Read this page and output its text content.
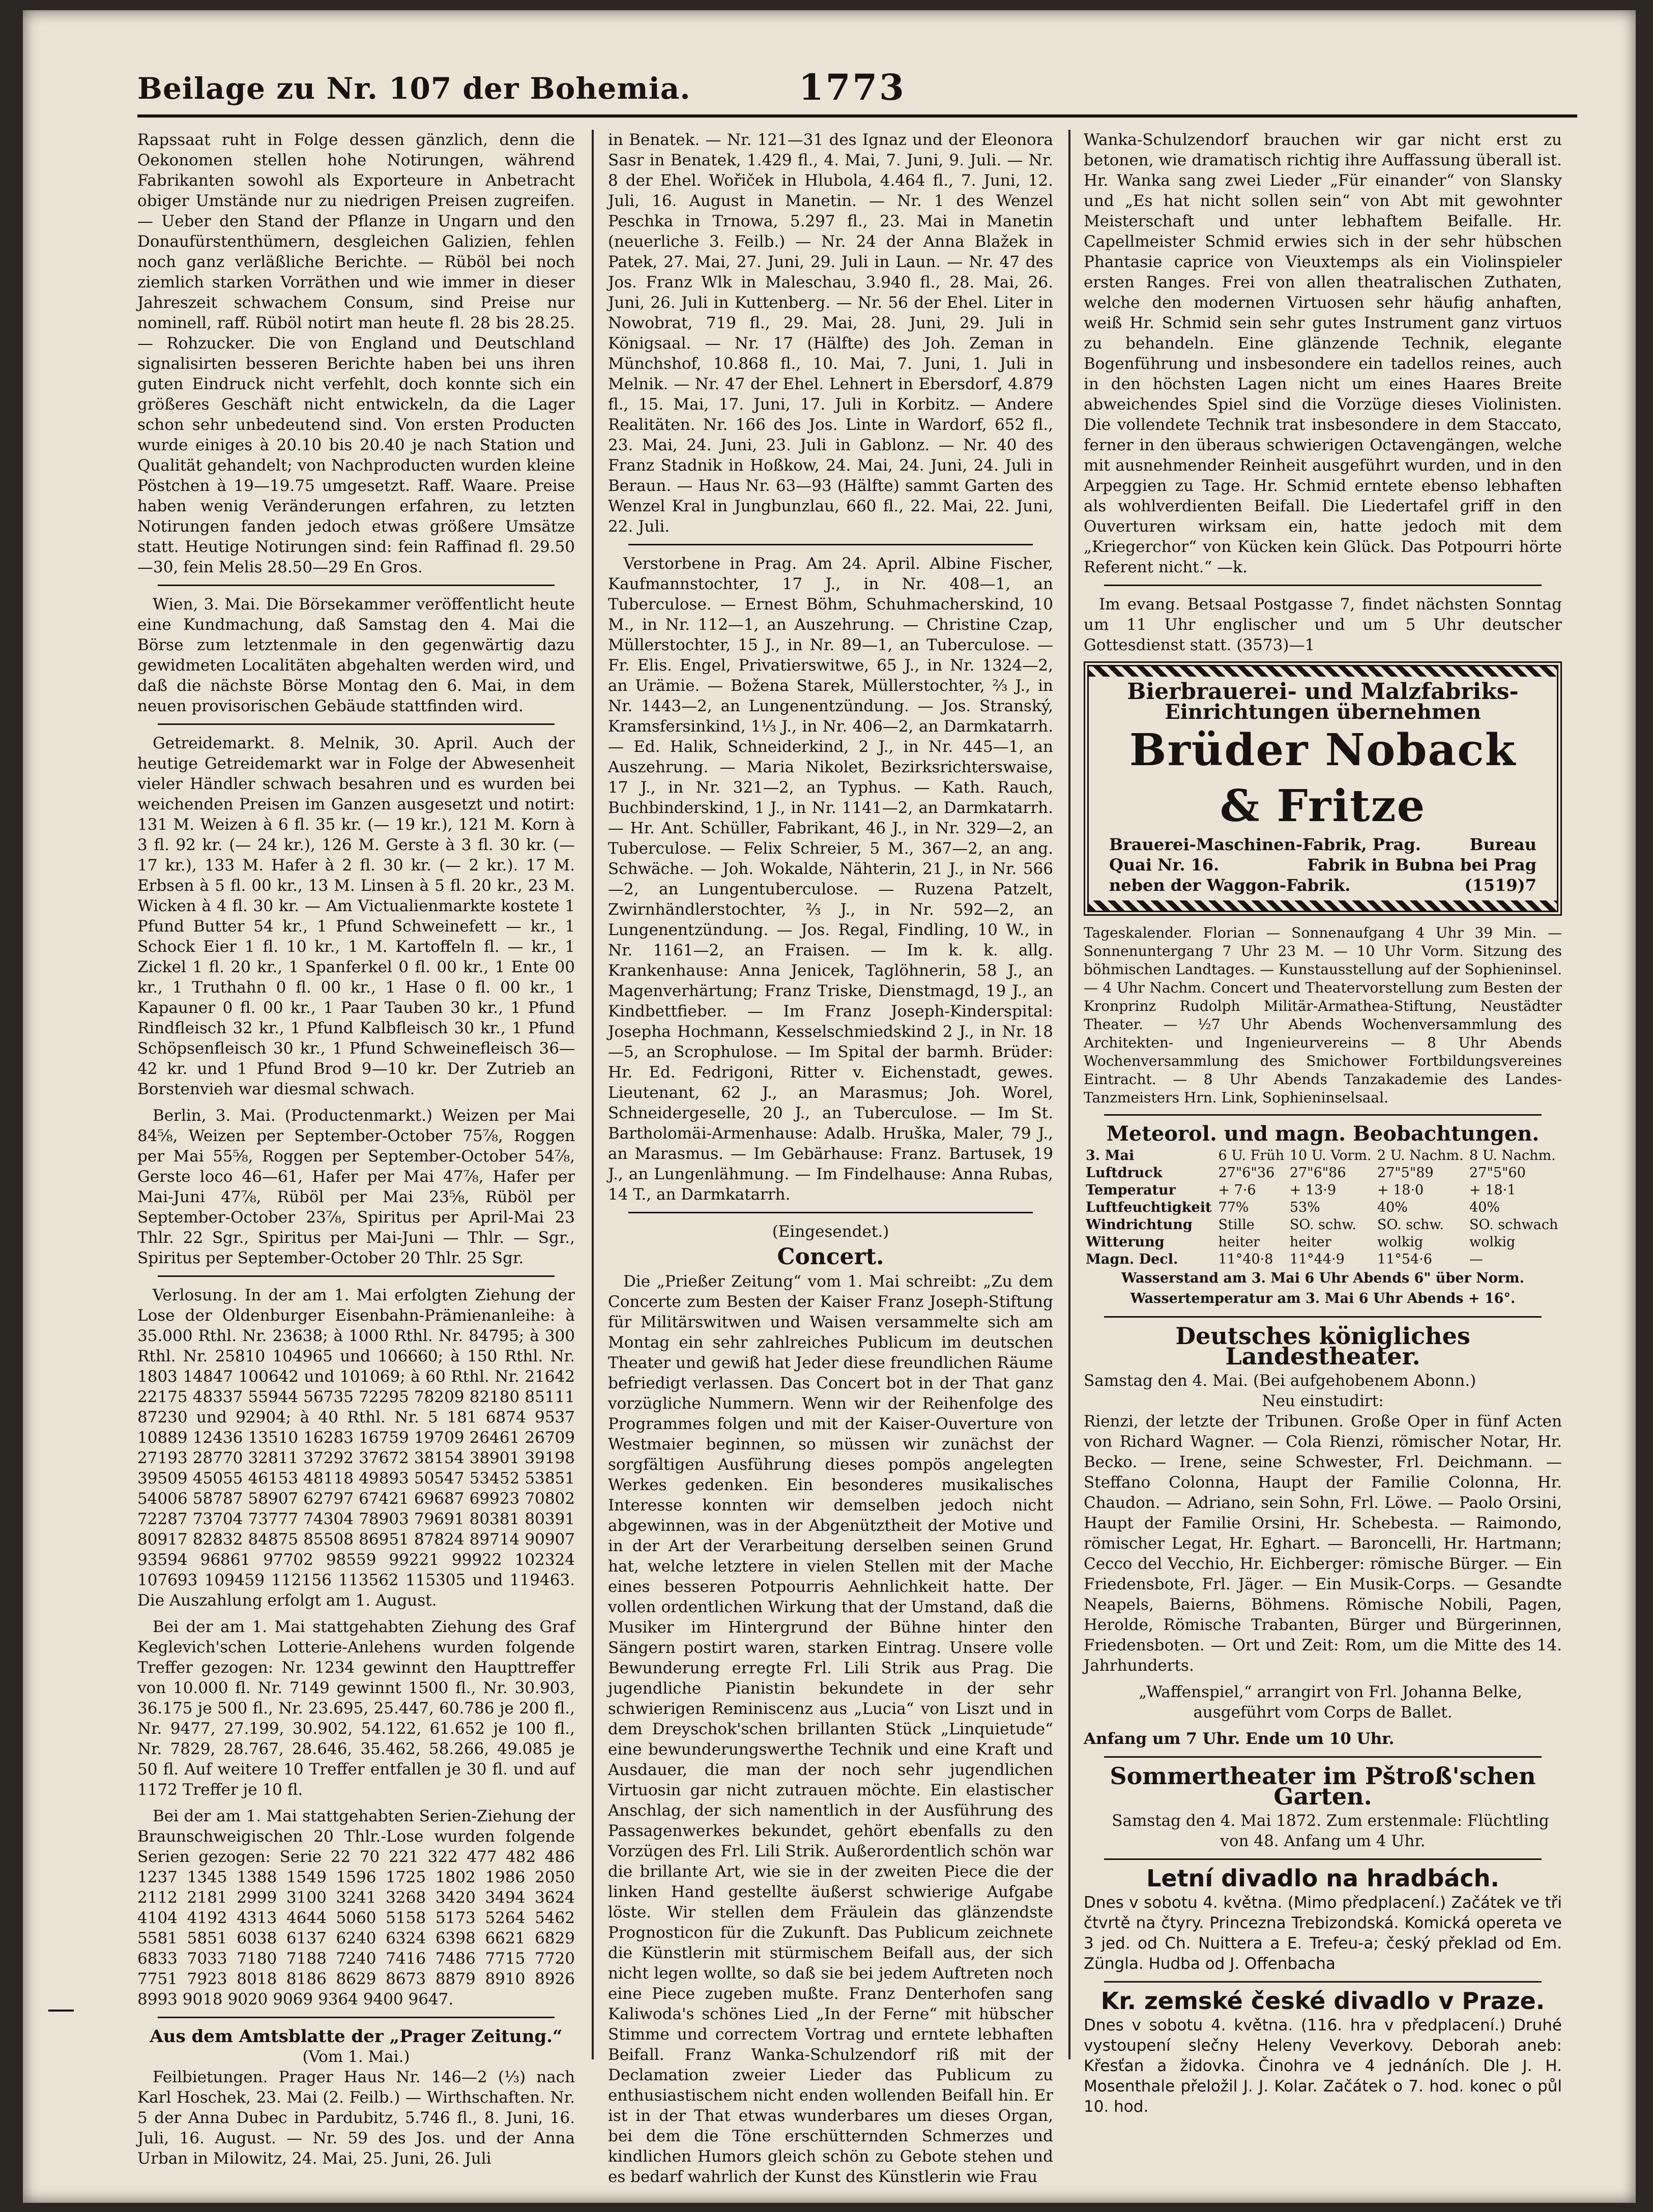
Beilage zu Nr. 107 der Bohemia.	1773

Rapssaat ruht in Folge dessen gänzlich, denn die Oekonomen stellen hohe Notirungen, während Fabrikanten sowohl als Exporteure in Anbetracht obiger Umstände nur zu niedrigen Preisen zugreifen. — Ueber den Stand der Pflanze in Ungarn und den Donaufürstenthümern, desgleichen Galizien, fehlen noch ganz verläßliche Berichte. — Rüböl bei noch ziemlich starken Vorräthen und wie immer in dieser Jahreszeit schwachem Consum, sind Preise nur nominell, raff. Rüböl notirt man heute fl. 28 bis 28.25. — Rohzucker. Die von England und Deutschland signalisirten besseren Berichte haben bei uns ihren guten Eindruck nicht verfehlt, doch konnte sich ein größeres Geschäft nicht entwickeln, da die Lager schon sehr unbedeutend sind. Von ersten Producten wurde einiges à 20.10 bis 20.40 je nach Station und Qualität gehandelt; von Nachproducten wurden kleine Pöstchen à 19—19.75 umgesetzt. Raff. Waare. Preise haben wenig Veränderungen erfahren, zu letzten Notirungen fanden jedoch etwas größere Umsätze statt. Heutige Notirungen sind: fein Raffinad fl. 29.50—30, fein Melis 28.50—29 En Gros.

Wien, 3. Mai. Die Börsekammer veröffentlicht heute eine Kundmachung, daß Samstag den 4. Mai die Börse zum letztenmale in den gegenwärtig dazu gewidmeten Localitäten abgehalten werden wird, und daß die nächste Börse Montag den 6. Mai, in dem neuen provisorischen Gebäude stattfinden wird.

Getreidemarkt. 8. Melnik, 30. April. Auch der heutige Getreidemarkt war in Folge der Abwesenheit vieler Händler schwach besahren und es wurden bei weichenden Preisen im Ganzen ausgesetzt und notirt: 131 M. Weizen à 6 fl. 35 kr. (— 19 kr.), 121 M. Korn à 3 fl. 92 kr. (— 24 kr.), 126 M. Gerste à 3 fl. 30 kr. (— 17 kr.), 133 M. Hafer à 2 fl. 30 kr. (— 2 kr.). 17 M. Erbsen à 5 fl. 00 kr., 13 M. Linsen à 5 fl. 20 kr., 23 M. Wicken à 4 fl. 30 kr. — Am Victualienmarkte kostete 1 Pfund Butter 54 kr., 1 Pfund Schweinefett — kr., 1 Schock Eier 1 fl. 10 kr., 1 M. Kartoffeln fl. — kr., 1 Zickel 1 fl. 20 kr., 1 Spanferkel 0 fl. 00 kr., 1 Ente 00 kr., 1 Truthahn 0 fl. 00 kr., 1 Hase 0 fl. 00 kr., 1 Kapauner 0 fl. 00 kr., 1 Paar Tauben 30 kr., 1 Pfund Rindfleisch 32 kr., 1 Pfund Kalbfleisch 30 kr., 1 Pfund Schöpsenfleisch 30 kr., 1 Pfund Schweinefleisch 36—42 kr. und 1 Pfund Brod 9—10 kr. Der Zutrieb an Borstenvieh war diesmal schwach.

Berlin, 3. Mai. (Productenmarkt.) Weizen per Mai 84⅝, Weizen per September-October 75⅞, Roggen per Mai 55⅝, Roggen per September-October 54⅞, Gerste loco 46—61, Hafer per Mai 47⅞, Hafer per Mai-Juni 47⅞, Rüböl per Mai 23⅝, Rüböl per September-October 23⅞, Spiritus per April-Mai 23 Thlr. 22 Sgr., Spiritus per Mai-Juni — Thlr. — Sgr., Spiritus per September-October 20 Thlr. 25 Sgr.

Verlosung. In der am 1. Mai erfolgten Ziehung der Lose der Oldenburger Eisenbahn-Prämienanleihe: à 35.000 Rthl. Nr. 23638; à 1000 Rthl. Nr. 84795; à 300 Rthl. Nr. 25810 104965 und 106660; à 150 Rthl. Nr. 1803 14847 100642 und 101069; à 60 Rthl. Nr. 21642 22175 48337 55944 56735 72295 78209 82180 85111 87230 und 92904; à 40 Rthl. Nr. 5 181 6874 9537 10889 12436 13510 16283 16759 19709 26461 26709 27193 28770 32811 37292 37672 38154 38901 39198 39509 45055 46153 48118 49893 50547 53452 53851 54006 58787 58907 62797 67421 69687 69923 70802 72287 73704 73777 74304 78903 79691 80381 80391 80917 82832 84875 85508 86951 87824 89714 90907 93594 96861 97702 98559 99221 99922 102324 107693 109459 112156 113562 115305 und 119463. Die Auszahlung erfolgt am 1. August.

Bei der am 1. Mai stattgehabten Ziehung des Graf Keglevich'schen Lotterie-Anlehens wurden folgende Treffer gezogen: Nr. 1234 gewinnt den Haupttreffer von 10.000 fl. Nr. 7149 gewinnt 1500 fl., Nr. 30.903, 36.175 je 500 fl., Nr. 23.695, 25.447, 60.786 je 200 fl., Nr. 9477, 27.199, 30.902, 54.122, 61.652 je 100 fl., Nr. 7829, 28.767, 28.646, 35.462, 58.266, 49.085 je 50 fl. Auf weitere 10 Treffer entfallen je 30 fl. und auf 1172 Treffer je 10 fl.

Bei der am 1. Mai stattgehabten Serien-Ziehung der Braunschweigischen 20 Thlr.-Lose wurden folgende Serien gezogen: Serie 22 70 221 322 477 482 486 1237 1345 1388 1549 1596 1725 1802 1986 2050 2112 2181 2999 3100 3241 3268 3420 3494 3624 4104 4192 4313 4644 5060 5158 5173 5264 5462 5581 5851 6038 6137 6240 6324 6398 6621 6829 6833 7033 7180 7188 7240 7416 7486 7715 7720 7751 7923 8018 8186 8629 8673 8879 8910 8926 8993 9018 9020 9069 9364 9400 9647.

Aus dem Amtsblatte der „Prager Zeitung.“
(Vom 1. Mai.)

Feilbietungen. Prager Haus Nr. 146—2 (⅓) nach Karl Hoschek, 23. Mai (2. Feilb.) — Wirthschaften. Nr. 5 der Anna Dubec in Pardubitz, 5.746 fl., 8. Juni, 16. Juli, 16. August. — Nr. 59 des Jos. und der Anna Urban in Milowitz, 24. Mai, 25. Juni, 26. Juli

in Benatek. — Nr. 121—31 des Ignaz und der Eleonora Sasr in Benatek, 1.429 fl., 4. Mai, 7. Juni, 9. Juli. — Nr. 8 der Ehel. Wořiček in Hlubola, 4.464 fl., 7. Juni, 12. Juli, 16. August in Manetin. — Nr. 1 des Wenzel Peschka in Trnowa, 5.297 fl., 23. Mai in Manetin (neuerliche 3. Feilb.) — Nr. 24 der Anna Blažek in Patek, 27. Mai, 27. Juni, 29. Juli in Laun. — Nr. 47 des Jos. Franz Wlk in Maleschau, 3.940 fl., 28. Mai, 26. Juni, 26. Juli in Kuttenberg. — Nr. 56 der Ehel. Liter in Nowobrat, 719 fl., 29. Mai, 28. Juni, 29. Juli in Königsaal. — Nr. 17 (Hälfte) des Joh. Zeman in Münchshof, 10.868 fl., 10. Mai, 7. Juni, 1. Juli in Melnik. — Nr. 47 der Ehel. Lehnert in Ebersdorf, 4.879 fl., 15. Mai, 17. Juni, 17. Juli in Korbitz. — Andere Realitäten. Nr. 166 des Jos. Linte in Wardorf, 652 fl., 23. Mai, 24. Juni, 23. Juli in Gablonz. — Nr. 40 des Franz Stadnik in Hoßkow, 24. Mai, 24. Juni, 24. Juli in Beraun. — Haus Nr. 63—93 (Hälfte) sammt Garten des Wenzel Kral in Jungbunzlau, 660 fl., 22. Mai, 22. Juni, 22. Juli.

Verstorbene in Prag. Am 24. April. Albine Fischer, Kaufmannstochter, 17 J., in Nr. 408—1, an Tuberculose. — Ernest Böhm, Schuhmacherskind, 10 M., in Nr. 112—1, an Auszehrung. — Christine Czap, Müllerstochter, 15 J., in Nr. 89—1, an Tuberculose. — Fr. Elis. Engel, Privatierswitwe, 65 J., in Nr. 1324—2, an Urämie. — Božena Starek, Müllerstochter, ⅔ J., in Nr. 1443—2, an Lungenentzündung. — Jos. Stranský, Kramsfersinkind, 1⅓ J., in Nr. 406—2, an Darmkatarrh. — Ed. Halik, Schneiderkind, 2 J., in Nr. 445—1, an Auszehrung. — Maria Nikolet, Bezirksrichterswaise, 17 J., in Nr. 321—2, an Typhus. — Kath. Rauch, Buchbinderskind, 1 J., in Nr. 1141—2, an Darmkatarrh. — Hr. Ant. Schüller, Fabrikant, 46 J., in Nr. 329—2, an Tuberculose. — Felix Schreier, 5 M., 367—2, an ang. Schwäche. — Joh. Wokalde, Nähterin, 21 J., in Nr. 566—2, an Lungentuberculose. — Ruzena Patzelt, Zwirnhändlerstochter, ⅔ J., in Nr. 592—2, an Lungenentzündung. — Jos. Regal, Findling, 10 W., in Nr. 1161—2, an Fraisen. — Im k. k. allg. Krankenhause: Anna Jenicek, Taglöhnerin, 58 J., an Magenverhärtung; Franz Triske, Dienstmagd, 19 J., an Kindbettfieber. — Im Franz Joseph-Kinderspital: Josepha Hochmann, Kesselschmiedskind 2 J., in Nr. 18—5, an Scrophulose. — Im Spital der barmh. Brüder: Hr. Ed. Fedrigoni, Ritter v. Eichenstadt, gewes. Lieutenant, 62 J., an Marasmus; Joh. Worel, Schneidergeselle, 20 J., an Tuberculose. — Im St. Bartholomäi-Armenhause: Adalb. Hruška, Maler, 79 J., an Marasmus. — Im Gebärhause: Franz. Bartusek, 19 J., an Lungenlähmung. — Im Findelhause: Anna Rubas, 14 T., an Darmkatarrh.

(Eingesendet.)
Concert.

Die „Prießer Zeitung“ vom 1. Mai schreibt: „Zu dem Concerte zum Besten der Kaiser Franz Joseph-Stiftung für Militärswitwen und Waisen versammelte sich am Montag ein sehr zahlreiches Publicum im deutschen Theater und gewiß hat Jeder diese freundlichen Räume befriedigt verlassen. Das Concert bot in der That ganz vorzügliche Nummern. Wenn wir der Reihenfolge des Programmes folgen und mit der Kaiser-Ouverture von Westmaier beginnen, so müssen wir zunächst der sorgfältigen Ausführung dieses pompös angelegten Werkes gedenken. Ein besonderes musikalisches Interesse konnten wir demselben jedoch nicht abgewinnen, was in der Abgenütztheit der Motive und in der Art der Verarbeitung derselben seinen Grund hat, welche letztere in vielen Stellen mit der Mache eines besseren Potpourris Aehnlichkeit hatte. Der vollen ordentlichen Wirkung that der Umstand, daß die Musiker im Hintergrund der Bühne hinter den Sängern postirt waren, starken Eintrag. Unsere volle Bewunderung erregte Frl. Lili Strik aus Prag. Die jugendliche Pianistin bekundete in der sehr schwierigen Reminiscenz aus „Lucia“ von Liszt und in dem Dreyschok'schen brillanten Stück „Linquietude“ eine bewunderungswerthe Technik und eine Kraft und Ausdauer, die man der noch sehr jugendlichen Virtuosin gar nicht zutrauen möchte. Ein elastischer Anschlag, der sich namentlich in der Ausführung des Passagenwerkes bekundet, gehört ebenfalls zu den Vorzügen des Frl. Lili Strik. Außerordentlich schön war die brillante Art, wie sie in der zweiten Piece die der linken Hand gestellte äußerst schwierige Aufgabe löste. Wir stellen dem Fräulein das glänzendste Prognosticon für die Zukunft. Das Publicum zeichnete die Künstlerin mit stürmischem Beifall aus, der sich nicht legen wollte, so daß sie bei jedem Auftreten noch eine Piece zugeben mußte. Franz Denterhofen sang Kaliwoda's schönes Lied „In der Ferne“ mit hübscher Stimme und correctem Vortrag und erntete lebhaften Beifall. Franz Wanka-Schulzendorf riß mit der Declamation zweier Lieder das Publicum zu enthusiastischem nicht enden wollenden Beifall hin. Er ist in der That etwas wunderbares um dieses Organ, bei dem die Töne erschütternden Schmerzes und kindlichen Humors gleich schön zu Gebote stehen und es bedarf wahrlich der Kunst des Künstlerin wie Frau

Wanka-Schulzendorf brauchen wir gar nicht erst zu betonen, wie dramatisch richtig ihre Auffassung überall ist. Hr. Wanka sang zwei Lieder „Für einander“ von Slansky und „Es hat nicht sollen sein“ von Abt mit gewohnter Meisterschaft und unter lebhaftem Beifalle. Hr. Capellmeister Schmid erwies sich in der sehr hübschen Phantasie caprice von Vieuxtemps als ein Violinspieler ersten Ranges. Frei von allen theatralischen Zuthaten, welche den modernen Virtuosen sehr häufig anhaften, weiß Hr. Schmid sein sehr gutes Instrument ganz virtuos zu behandeln. Eine glänzende Technik, elegante Bogenführung und insbesondere ein tadellos reines, auch in den höchsten Lagen nicht um eines Haares Breite abweichendes Spiel sind die Vorzüge dieses Violinisten. Die vollendete Technik trat insbesondere in dem Staccato, ferner in den überaus schwierigen Octavengängen, welche mit ausnehmender Reinheit ausgeführt wurden, und in den Arpeggien zu Tage. Hr. Schmid erntete ebenso lebhaften als wohlverdienten Beifall. Die Liedertafel griff in den Ouverturen wirksam ein, hatte jedoch mit dem „Kriegerchor“ von Kücken kein Glück. Das Potpourri hörte Referent nicht.“ —k.

Im evang. Betsaal Postgasse 7, findet nächsten Sonntag um 11 Uhr englischer und um 5 Uhr deutscher Gottesdienst statt. (3573)—1

Bierbrauerei- und Malzfabriks-
Einrichtungen übernehmen
Brüder Noback & Fritze
Brauerei-Maschinen-Fabrik, Prag.	Bureau
Quai Nr. 16.	Fabrik in Bubna bei Prag
neben der Waggon-Fabrik.	(1519)7

Tageskalender. Florian — Sonnenaufgang 4 Uhr 39 Min. — Sonnenuntergang 7 Uhr 23 M. — 10 Uhr Vorm. Sitzung des böhmischen Landtages. — Kunstausstellung auf der Sophieninsel. — 4 Uhr Nachm. Concert und Theatervorstellung zum Besten der Kronprinz Rudolph Militär-Armathea-Stiftung, Neustädter Theater. — ½7 Uhr Abends Wochenversammlung des Architekten- und Ingenieurvereins — 8 Uhr Abends Wochenversammlung des Smichower Fortbildungsvereines Eintracht. — 8 Uhr Abends Tanzakademie des Landes-Tanzmeisters Hrn. Link, Sophieninselsaal.

Meteorol. und magn. Beobachtungen.
3. Mai	6 U. Früh	10 U. Vorm.	2 U. Nachm.	8 U. Nachm.
Luftdruck	27"6"36	27"6"86	27"5"89	27"5"60
Temperatur	+ 7·6	+ 13·9	+ 18·0	+ 18·1
Luftfeuchtigkeit	77%	53%	40%	40%
Windrichtung	Stille	SO. schw.	SO. schw.	SO. schwach
Witterung	heiter	heiter	wolkig	wolkig
Magn. Decl.	11°40·8	11°44·9	11°54·6	—
Wasserstand am 3. Mai 6 Uhr Abends 6" über Norm.
Wassertemperatur am 3. Mai 6 Uhr Abends + 16°.
Deutsches königliches Landestheater.
Samstag den 4. Mai. (Bei aufgehobenem Abonn.)
Neu einstudirt:

Rienzi, der letzte der Tribunen. Große Oper in fünf Acten von Richard Wagner. — Cola Rienzi, römischer Notar, Hr. Becko. — Irene, seine Schwester, Frl. Deichmann. — Steffano Colonna, Haupt der Familie Colonna, Hr. Chaudon. — Adriano, sein Sohn, Frl. Löwe. — Paolo Orsini, Haupt der Familie Orsini, Hr. Schebesta. — Raimondo, römischer Legat, Hr. Eghart. — Baroncelli, Hr. Hartmann; Cecco del Vecchio, Hr. Eichberger: römische Bürger. — Ein Friedensbote, Frl. Jäger. — Ein Musik-Corps. — Gesandte Neapels, Baierns, Böhmens. Römische Nobili, Pagen, Herolde, Römische Trabanten, Bürger und Bürgerinnen, Friedensboten. — Ort und Zeit: Rom, um die Mitte des 14. Jahrhunderts.

„Waffenspiel,“ arrangirt von Frl. Johanna Belke, ausgeführt vom Corps de Ballet.

Anfang um 7 Uhr. Ende um 10 Uhr.
Sommertheater im Pštroß'schen Garten.

Samstag den 4. Mai 1872. Zum erstenmale: Flüchtling von 48. Anfang um 4 Uhr.

Letní divadlo na hradbách.

Dnes v sobotu 4. května. (Mimo předplacení.) Začátek ve tři čtvrtě na čtyry. Princezna Trebizondská. Komická opereta ve 3 jed. od Ch. Nuittera a E. Trefeu-a; český překlad od Em. Züngla. Hudba od J. Offenbacha

Kr. zemské české divadlo v Praze.

Dnes v sobotu 4. května. (116. hra v předplacení.) Druhé vystoupení slečny Heleny Veverkovy. Deborah aneb: Křesťan a židovka. Činohra ve 4 jednáních. Dle J. H. Mosenthale přeložil J. J. Kolar. Začátek o 7. hod. konec o půl 10. hod.
